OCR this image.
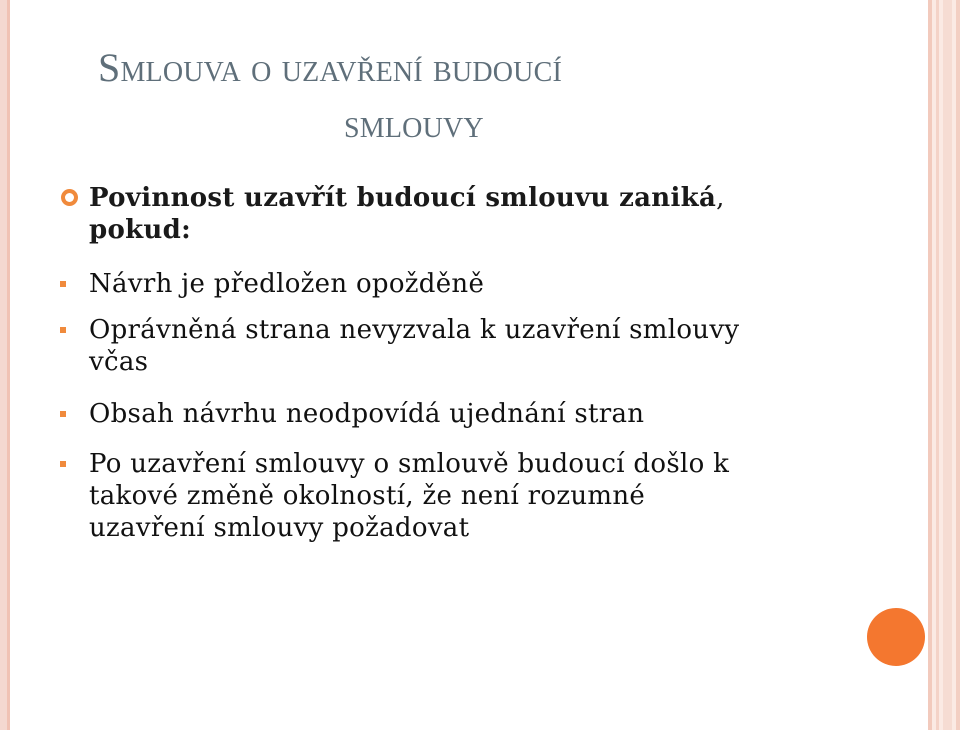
Smlouva o uzavření budoucí
smlouvy
Povinnost uzavřít budoucí smlouvu zaniká,
pokud:
Návrh je předložen opožděně
Oprávněná strana nevyzvala k uzavření smlouvy
včas
Obsah návrhu neodpovídá ujednání stran
Po uzavření smlouvy o smlouvě budoucí došlo k
takové změně okolností, že není rozumné
uzavření smlouvy požadovat
